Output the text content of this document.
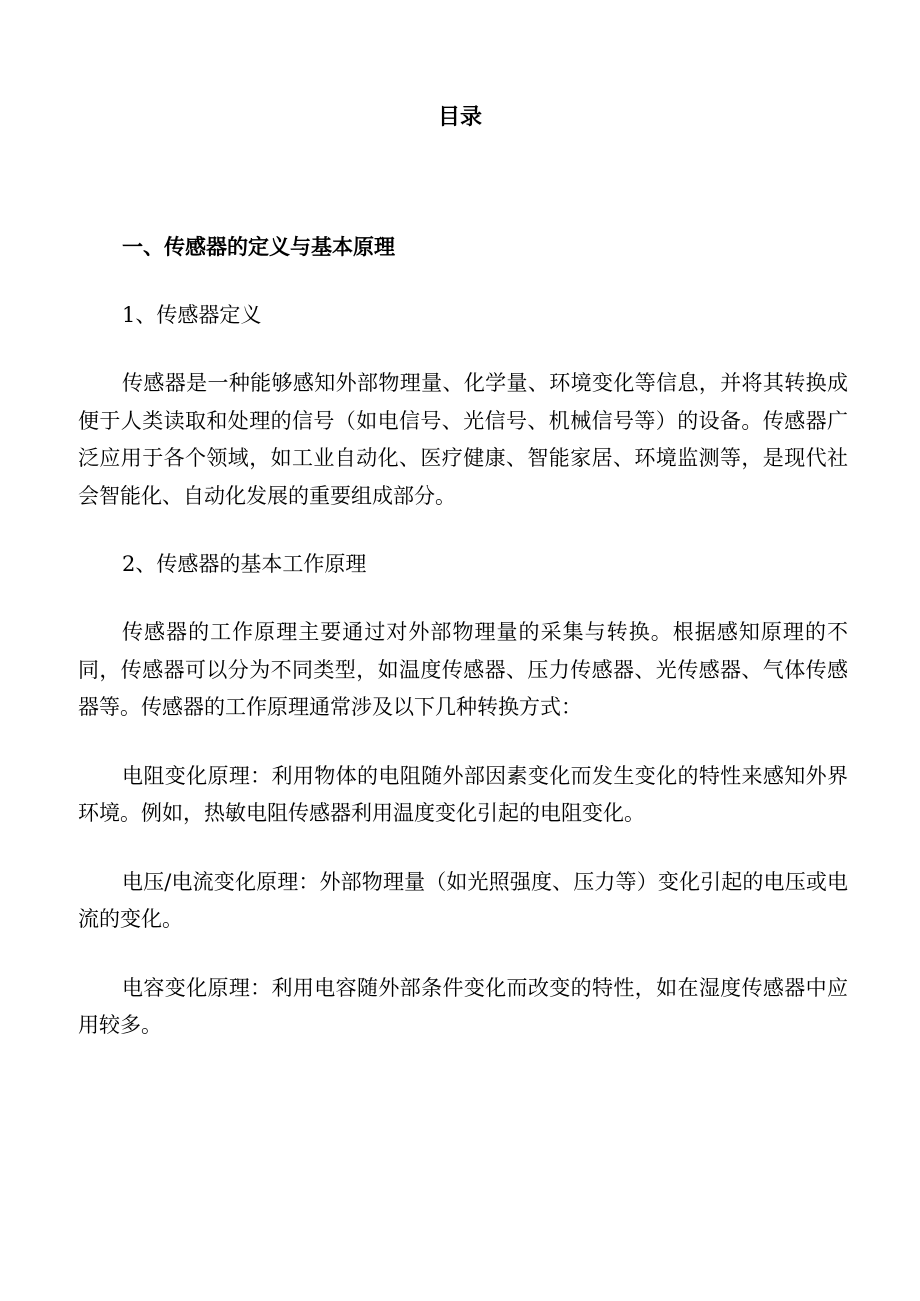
目录
一、传感器的定义与基本原理
1、传感器定义

传感器是一种能够感知外部物理量、化学量、环境变化等信息，并将其转换成便于人类读取和处理的信号（如电信号、光信号、机械信号等）的设备。传感器广泛应用于各个领域，如工业自动化、医疗健康、智能家居、环境监测等，是现代社会智能化、自动化发展的重要组成部分。

2、传感器的基本工作原理

传感器的工作原理主要通过对外部物理量的采集与转换。根据感知原理的不同，传感器可以分为不同类型，如温度传感器、压力传感器、光传感器、气体传感器等。传感器的工作原理通常涉及以下几种转换方式：

电阻变化原理：利用物体的电阻随外部因素变化而发生变化的特性来感知外界环境。例如，热敏电阻传感器利用温度变化引起的电阻变化。

电压/电流变化原理：外部物理量（如光照强度、压力等）变化引起的电压或电流的变化。

电容变化原理：利用电容随外部条件变化而改变的特性，如在湿度传感器中应用较多。
